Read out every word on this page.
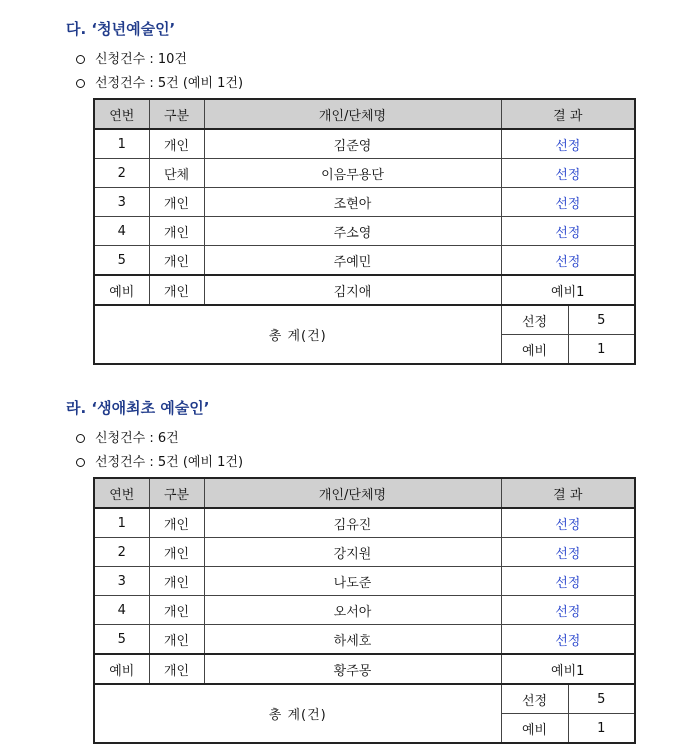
다. ‘청년예술인’
신청건수 : 10건
선정건수 : 5건 (예비 1건)
연번	구분	개인/단체명	결 과	
1	개인	김준영	선정	
2	단체	이음무용단	선정	
3	개인	조현아	선정	
4	개인	주소영	선정	
5	개인	주예민	선정	
예비	개인	김지애	예비1	
총 계(건)			선정	5
			예비	1
라. ‘생애최초 예술인’
신청건수 : 6건
선정건수 : 5건 (예비 1건)
연번	구분	개인/단체명	결 과	
1	개인	김유진	선정	
2	개인	강지원	선정	
3	개인	나도준	선정	
4	개인	오서아	선정	
5	개인	하세호	선정	
예비	개인	황주몽	예비1	
총 계(건)			선정	5
			예비	1
